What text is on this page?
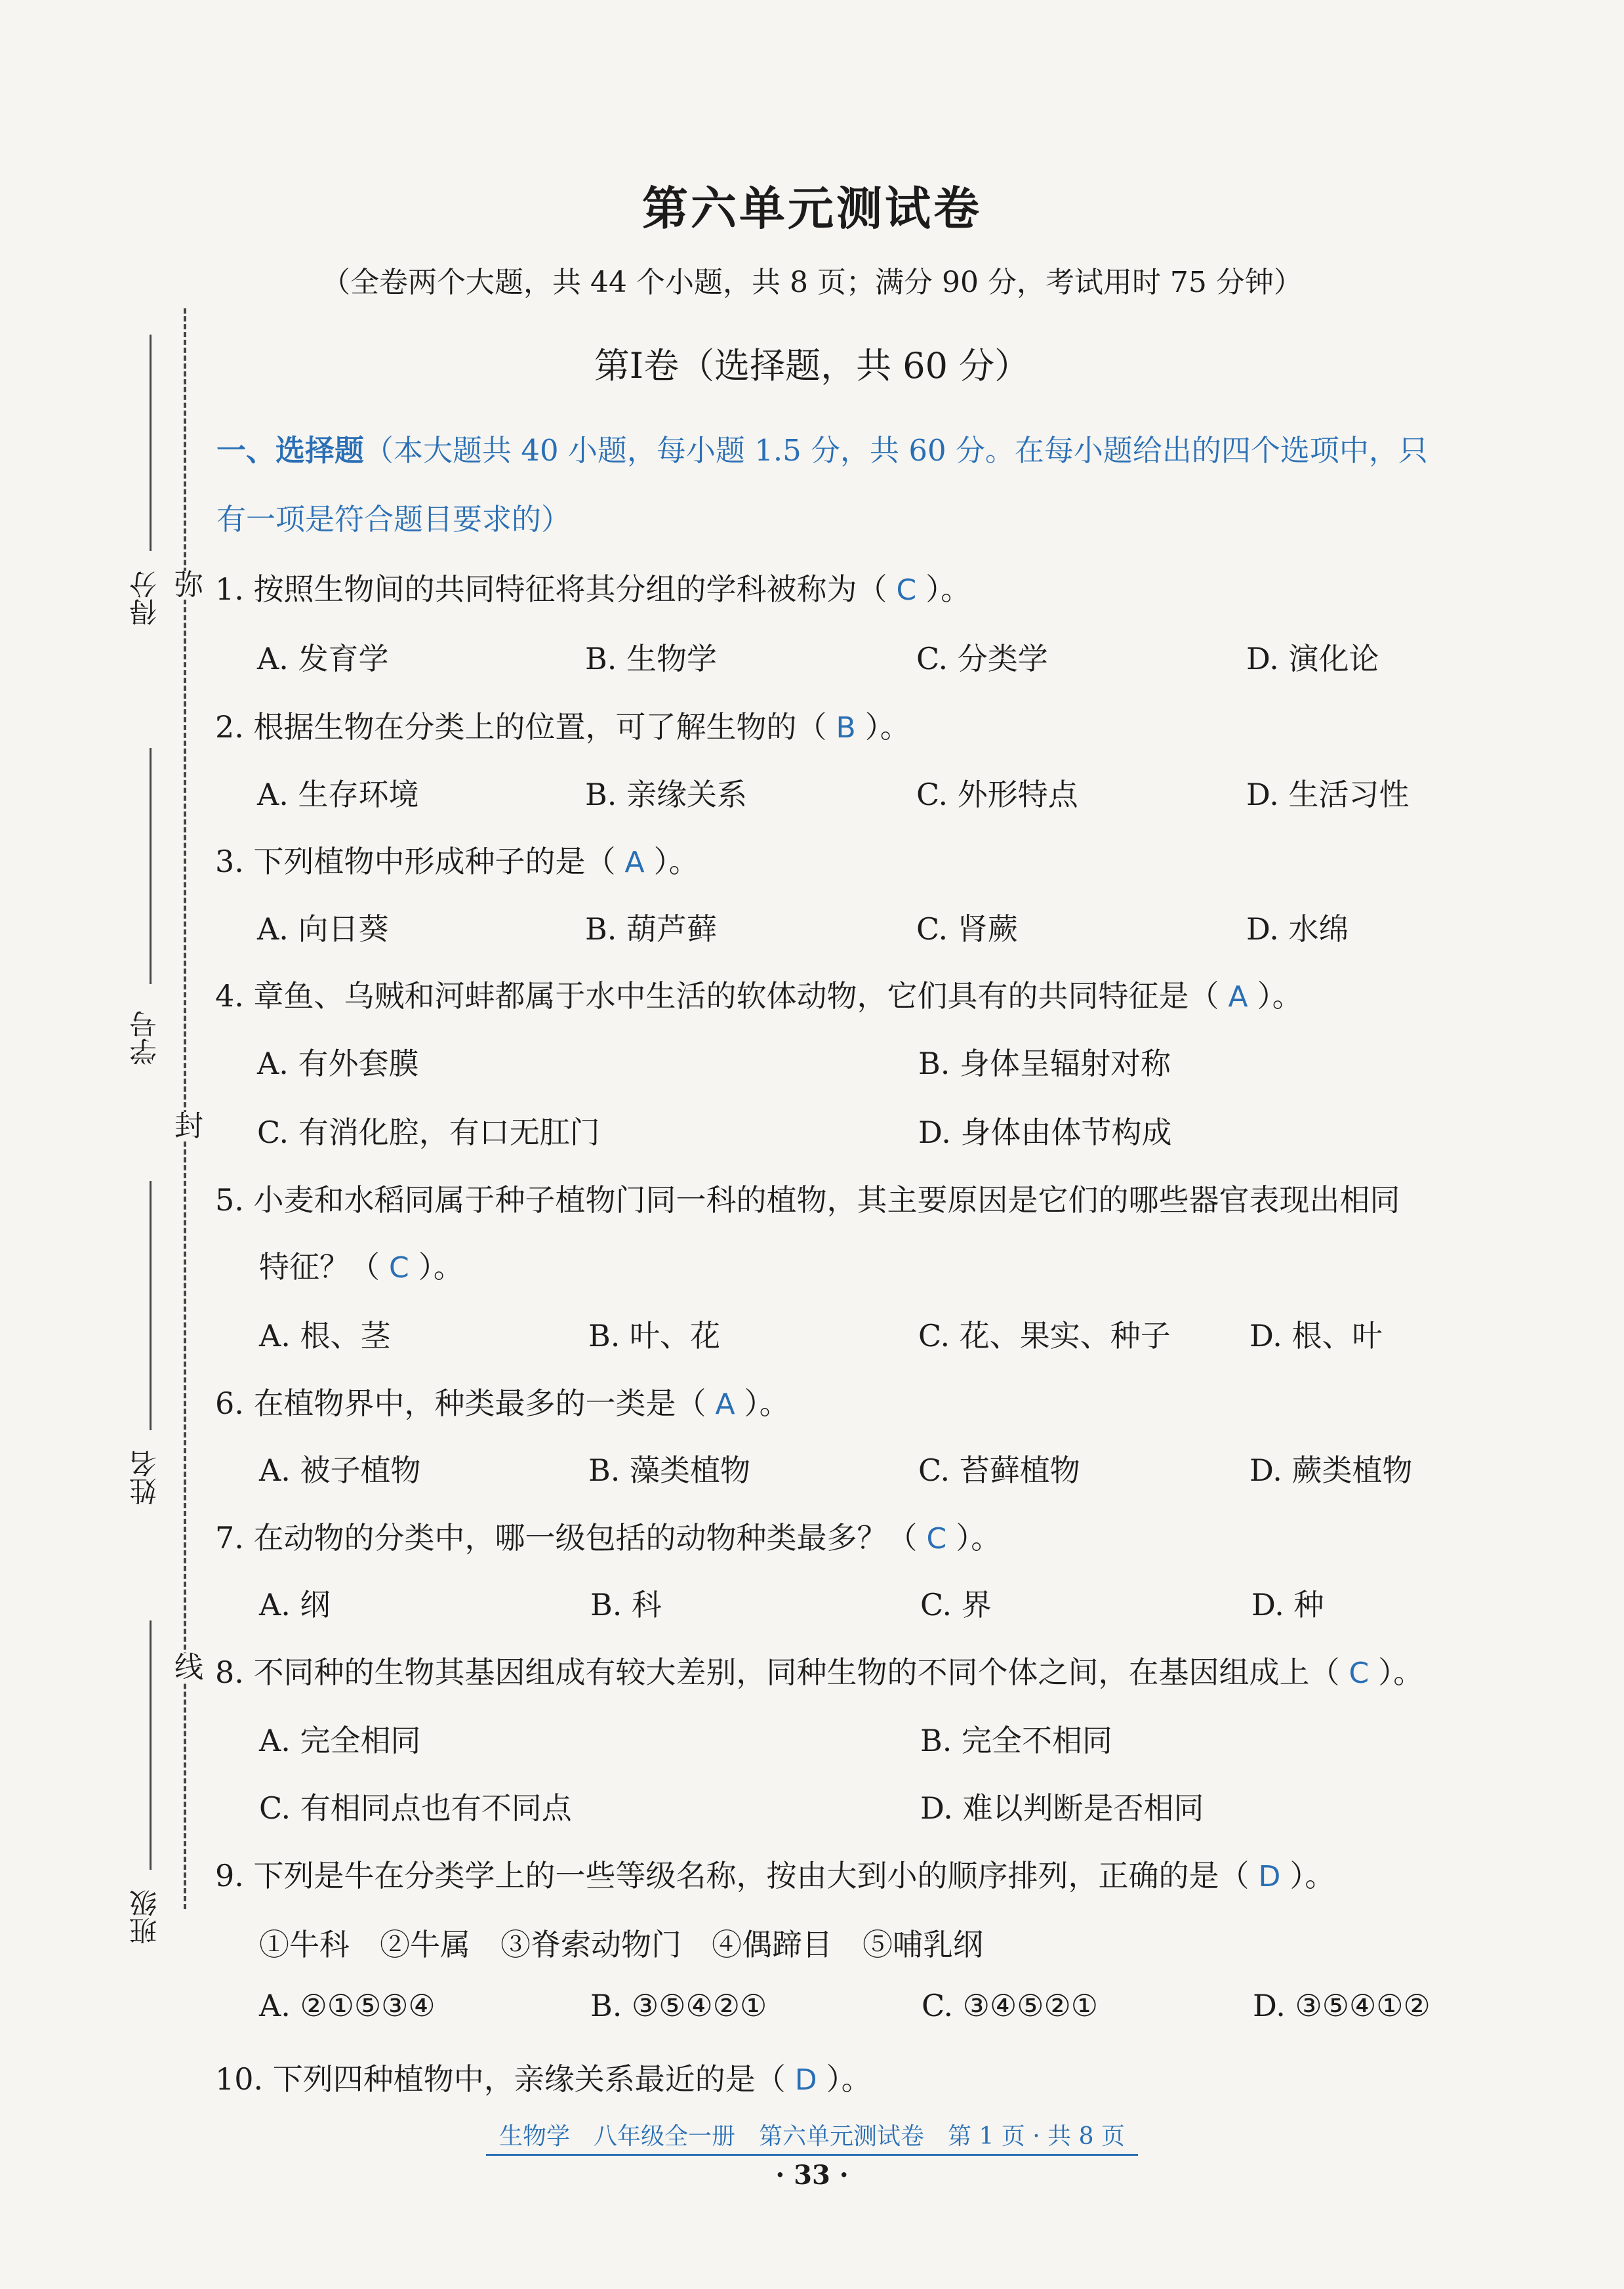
弥
封
线
得分
学号
姓名
班级
第六单元测试卷
（全卷两个大题，共 44 个小题，共 8 页；满分 90 分，考试用时 75 分钟）
第Ⅰ卷（选择题，共 60 分）
一、选择题（本大题共 40 小题，每小题 1.5 分，共 60 分。在每小题给出的四个选项中，只
有一项是符合题目要求的）
1. 按照生物间的共同特征将其分组的学科被称为（ C ）。
A. 发育学	B. 生物学	C. 分类学	D. 演化论
2. 根据生物在分类上的位置，可了解生物的（ B ）。
A. 生存环境	B. 亲缘关系	C. 外形特点	D. 生活习性
3. 下列植物中形成种子的是（ A ）。
A. 向日葵	B. 葫芦藓	C. 肾蕨	D. 水绵
4. 章鱼、乌贼和河蚌都属于水中生活的软体动物，它们具有的共同特征是（ A ）。
A. 有外套膜	B. 身体呈辐射对称
C. 有消化腔，有口无肛门	D. 身体由体节构成
5. 小麦和水稻同属于种子植物门同一科的植物，其主要原因是它们的哪些器官表现出相同
特征？（ C ）。
A. 根、茎	B. 叶、花	C. 花、果实、种子	D. 根、叶
6. 在植物界中，种类最多的一类是（ A ）。
A. 被子植物	B. 藻类植物	C. 苔藓植物	D. 蕨类植物
7. 在动物的分类中，哪一级包括的动物种类最多？（ C ）。
A. 纲	B. 科	C. 界	D. 种
8. 不同种的生物其基因组成有较大差别，同种生物的不同个体之间，在基因组成上（ C ）。
A. 完全相同	B. 完全不相同
C. 有相同点也有不同点	D. 难以判断是否相同
9. 下列是牛在分类学上的一些等级名称，按由大到小的顺序排列，正确的是（ D ）。
①牛科　②牛属　③脊索动物门　④偶蹄目　⑤哺乳纲
A. ②①⑤③④	B. ③⑤④②①	C. ③④⑤②①	D. ③⑤④①②
10. 下列四种植物中，亲缘关系最近的是（ D ）。
生物学　八年级全一册　第六单元测试卷　第 1 页 · 共 8 页
· 33 ·
